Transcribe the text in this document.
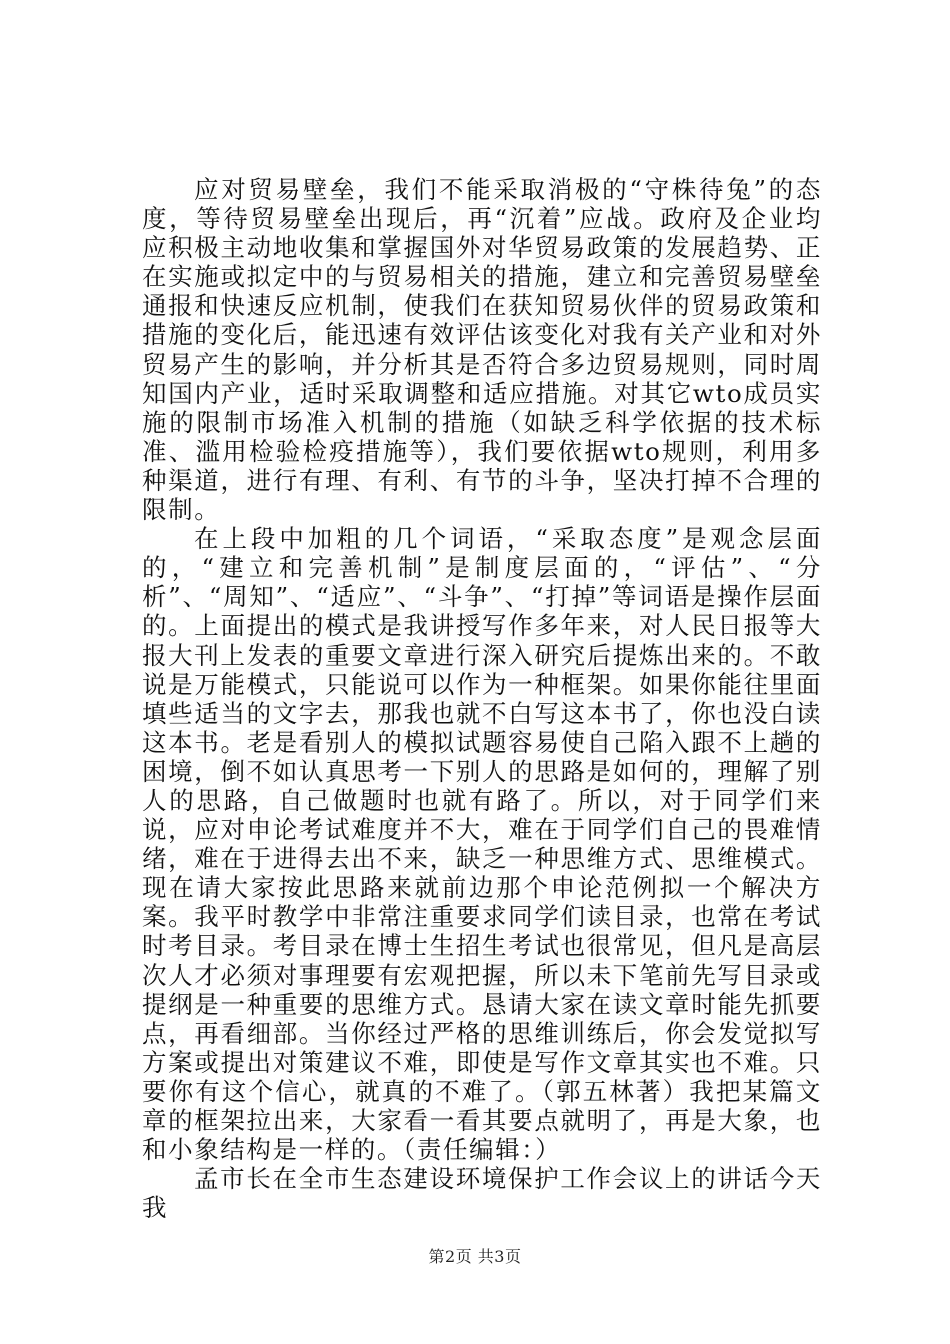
应对贸易壁垒，我们不能采取消极的“守株待兔”的态度，等待贸易壁垒出现后，再“沉着”应战。政府及企业均应积极主动地收集和掌握国外对华贸易政策的发展趋势、正在实施或拟定中的与贸易相关的措施，建立和完善贸易壁垒通报和快速反应机制，使我们在获知贸易伙伴的贸易政策和措施的变化后，能迅速有效评估该变化对我有关产业和对外贸易产生的影响，并分析其是否符合多边贸易规则，同时周知国内产业，适时采取调整和适应措施。对其它wto成员实施的限制市场准入机制的措施（如缺乏科学依据的技术标准、滥用检验检疫措施等），我们要依据wto规则，利用多种渠道，进行有理、有利、有节的斗争，坚决打掉不合理的限制。

在上段中加粗的几个词语，“采取态度”是观念层面的，“建立和完善机制”是制度层面的，“评估”、“分析”、“周知”、“适应”、“斗争”、“打掉”等词语是操作层面的。上面提出的模式是我讲授写作多年来，对人民日报等大报大刊上发表的重要文章进行深入研究后提炼出来的。不敢说是万能模式，只能说可以作为一种框架。如果你能往里面填些适当的文字去，那我也就不白写这本书了，你也没白读这本书。老是看别人的模拟试题容易使自己陷入跟不上趟的困境，倒不如认真思考一下别人的思路是如何的，理解了别人的思路，自己做题时也就有路了。所以，对于同学们来说，应对申论考试难度并不大，难在于同学们自己的畏难情绪，难在于进得去出不来，缺乏一种思维方式、思维模式。现在请大家按此思路来就前边那个申论范例拟一个解决方案。我平时教学中非常注重要求同学们读目录，也常在考试时考目录。考目录在博士生招生考试也很常见，但凡是高层次人才必须对事理要有宏观把握，所以未下笔前先写目录或提纲是一种重要的思维方式。恳请大家在读文章时能先抓要点，再看细部。当你经过严格的思维训练后，你会发觉拟写方案或提出对策建议不难，即使是写作文章其实也不难。只要你有这个信心，就真的不难了。（郭五林著）我把某篇文章的框架拉出来，大家看一看其要点就明了，再是大象，也和小象结构是一样的。（责任编辑：）

孟市长在全市生态建设环境保护工作会议上的讲话今天我

第2页 共3页
